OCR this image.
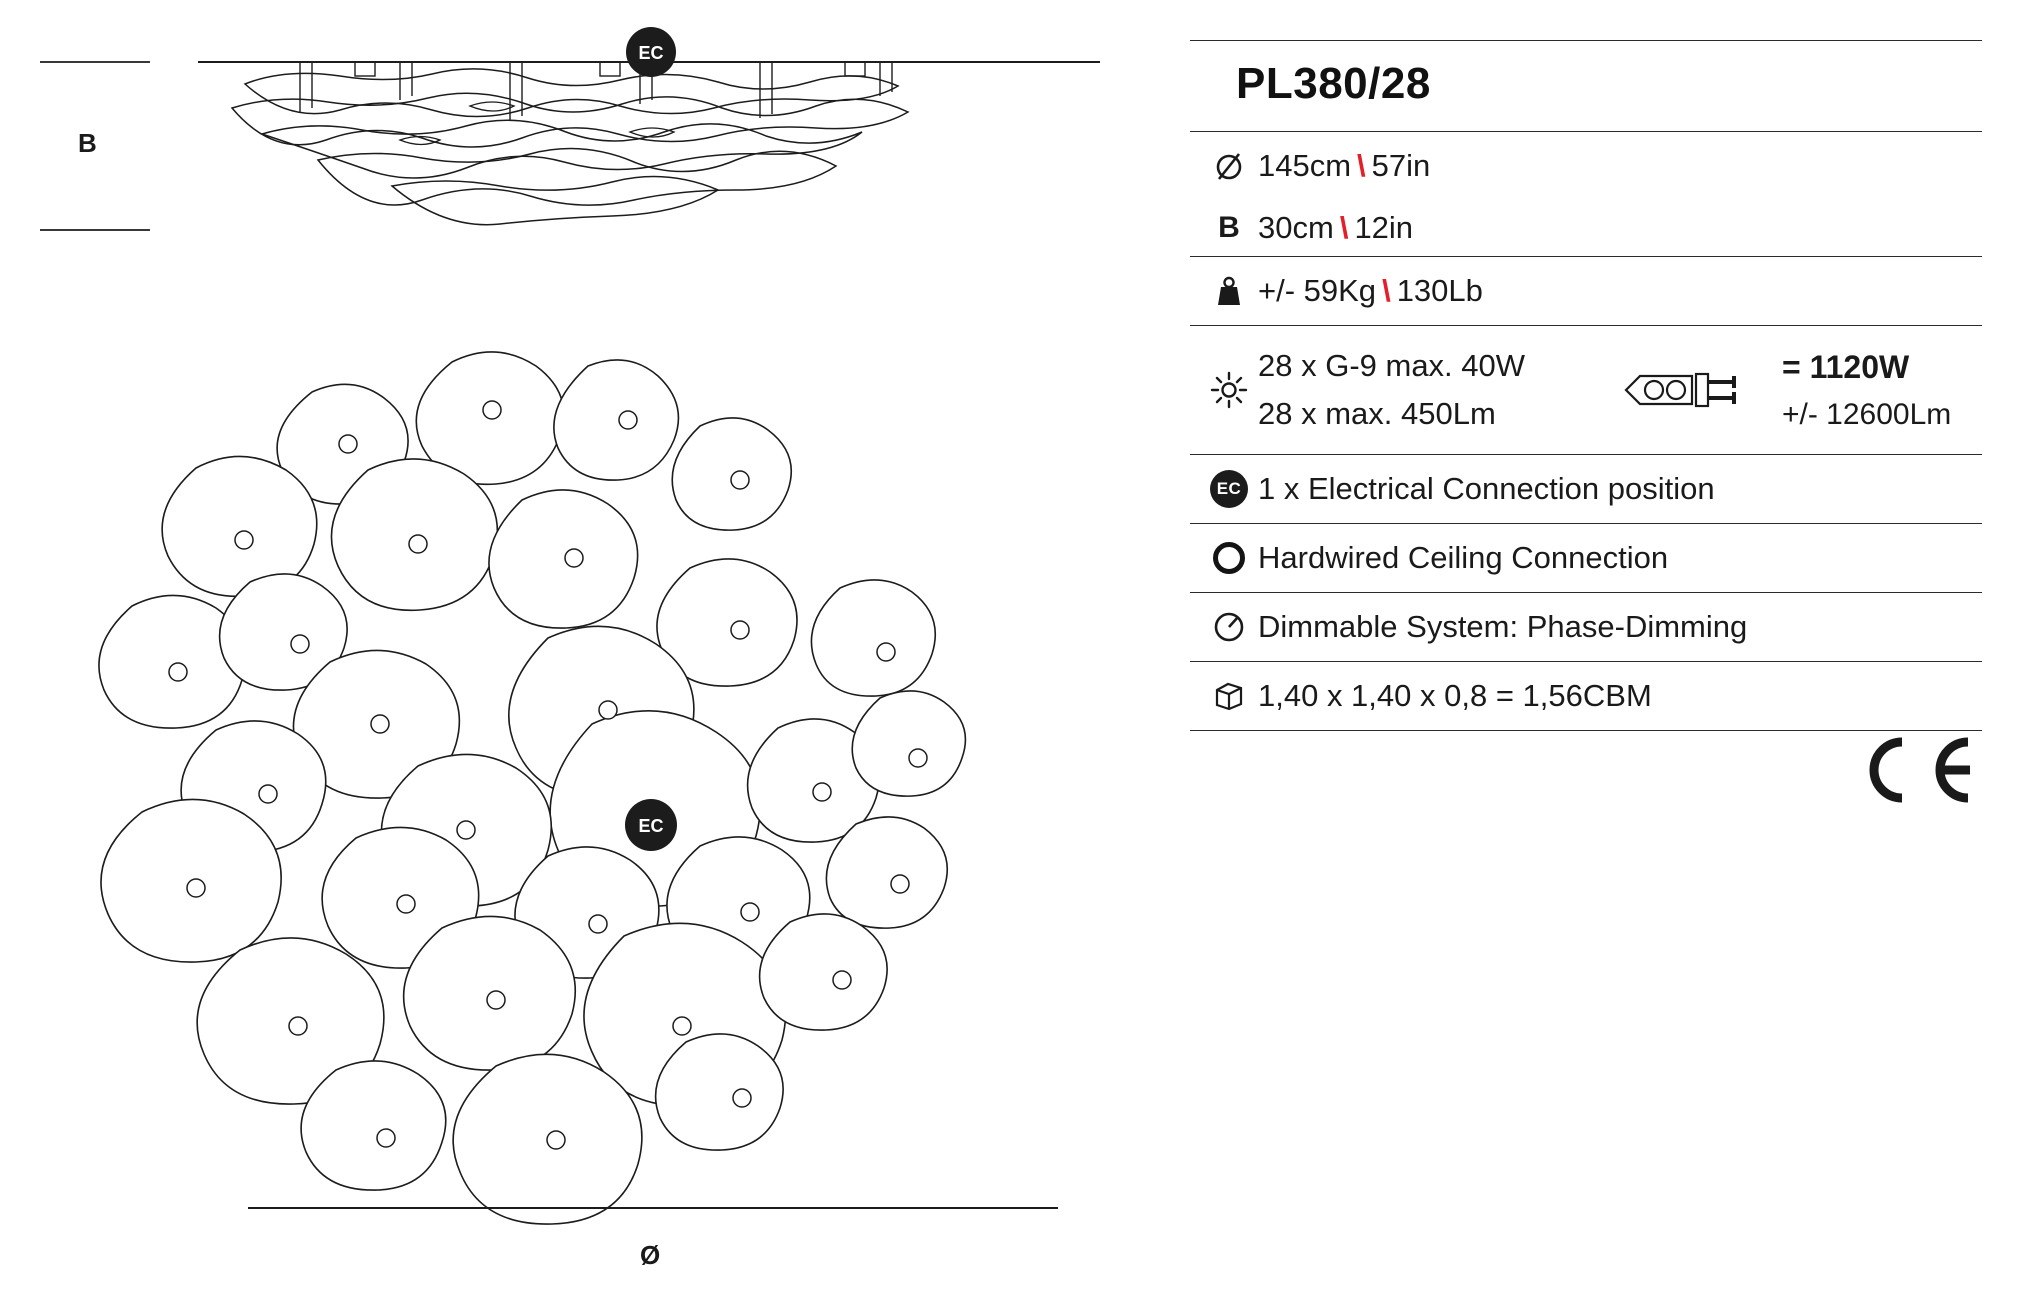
EC
B
EC
Ø
PL380/28
145cm \ 57in
B 30cm \ 12in
+/- 59Kg \ 130Lb
28 x G-9 max. 40W
28 x max. 450Lm
= 1120W
+/- 12600Lm
EC 1 x Electrical Connection position
Hardwired Ceiling Connection
Dimmable System: Phase-Dimming
1,40 x 1,40 x 0,8 = 1,56CBM
